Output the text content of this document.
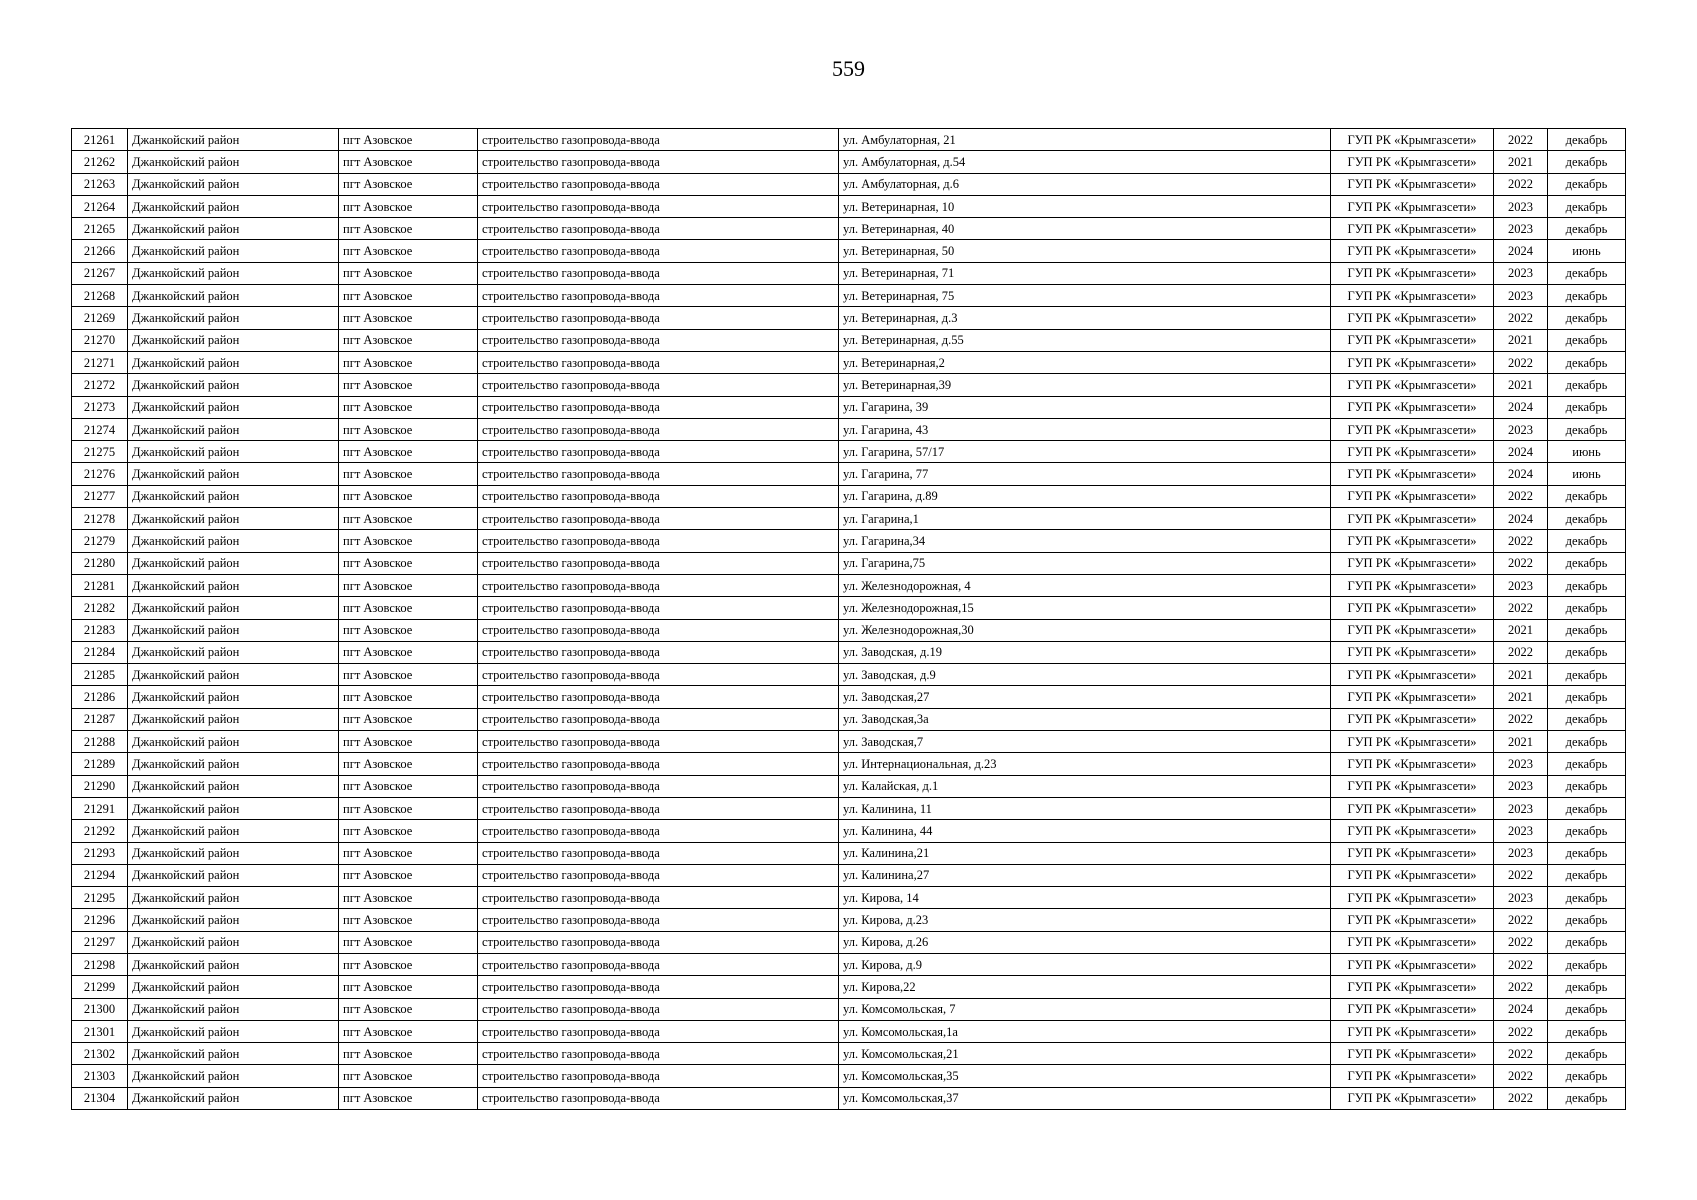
559
21261	Джанкойский район	пгт Азовское	строительство газопровода-ввода	ул. Амбулаторная, 21	ГУП РК «Крымгазсети»	2022	декабрь
21262	Джанкойский район	пгт Азовское	строительство газопровода-ввода	ул. Амбулаторная, д.54	ГУП РК «Крымгазсети»	2021	декабрь
21263	Джанкойский район	пгт Азовское	строительство газопровода-ввода	ул. Амбулаторная, д.6	ГУП РК «Крымгазсети»	2022	декабрь
21264	Джанкойский район	пгт Азовское	строительство газопровода-ввода	ул. Ветеринарная, 10	ГУП РК «Крымгазсети»	2023	декабрь
21265	Джанкойский район	пгт Азовское	строительство газопровода-ввода	ул. Ветеринарная, 40	ГУП РК «Крымгазсети»	2023	декабрь
21266	Джанкойский район	пгт Азовское	строительство газопровода-ввода	ул. Ветеринарная, 50	ГУП РК «Крымгазсети»	2024	июнь
21267	Джанкойский район	пгт Азовское	строительство газопровода-ввода	ул. Ветеринарная, 71	ГУП РК «Крымгазсети»	2023	декабрь
21268	Джанкойский район	пгт Азовское	строительство газопровода-ввода	ул. Ветеринарная, 75	ГУП РК «Крымгазсети»	2023	декабрь
21269	Джанкойский район	пгт Азовское	строительство газопровода-ввода	ул. Ветеринарная, д.3	ГУП РК «Крымгазсети»	2022	декабрь
21270	Джанкойский район	пгт Азовское	строительство газопровода-ввода	ул. Ветеринарная, д.55	ГУП РК «Крымгазсети»	2021	декабрь
21271	Джанкойский район	пгт Азовское	строительство газопровода-ввода	ул. Ветеринарная,2	ГУП РК «Крымгазсети»	2022	декабрь
21272	Джанкойский район	пгт Азовское	строительство газопровода-ввода	ул. Ветеринарная,39	ГУП РК «Крымгазсети»	2021	декабрь
21273	Джанкойский район	пгт Азовское	строительство газопровода-ввода	ул. Гагарина, 39	ГУП РК «Крымгазсети»	2024	декабрь
21274	Джанкойский район	пгт Азовское	строительство газопровода-ввода	ул. Гагарина, 43	ГУП РК «Крымгазсети»	2023	декабрь
21275	Джанкойский район	пгт Азовское	строительство газопровода-ввода	ул. Гагарина, 57/17	ГУП РК «Крымгазсети»	2024	июнь
21276	Джанкойский район	пгт Азовское	строительство газопровода-ввода	ул. Гагарина, 77	ГУП РК «Крымгазсети»	2024	июнь
21277	Джанкойский район	пгт Азовское	строительство газопровода-ввода	ул. Гагарина, д.89	ГУП РК «Крымгазсети»	2022	декабрь
21278	Джанкойский район	пгт Азовское	строительство газопровода-ввода	ул. Гагарина,1	ГУП РК «Крымгазсети»	2024	декабрь
21279	Джанкойский район	пгт Азовское	строительство газопровода-ввода	ул. Гагарина,34	ГУП РК «Крымгазсети»	2022	декабрь
21280	Джанкойский район	пгт Азовское	строительство газопровода-ввода	ул. Гагарина,75	ГУП РК «Крымгазсети»	2022	декабрь
21281	Джанкойский район	пгт Азовское	строительство газопровода-ввода	ул. Железнодорожная, 4	ГУП РК «Крымгазсети»	2023	декабрь
21282	Джанкойский район	пгт Азовское	строительство газопровода-ввода	ул. Железнодорожная,15	ГУП РК «Крымгазсети»	2022	декабрь
21283	Джанкойский район	пгт Азовское	строительство газопровода-ввода	ул. Железнодорожная,30	ГУП РК «Крымгазсети»	2021	декабрь
21284	Джанкойский район	пгт Азовское	строительство газопровода-ввода	ул. Заводская, д.19	ГУП РК «Крымгазсети»	2022	декабрь
21285	Джанкойский район	пгт Азовское	строительство газопровода-ввода	ул. Заводская, д.9	ГУП РК «Крымгазсети»	2021	декабрь
21286	Джанкойский район	пгт Азовское	строительство газопровода-ввода	ул. Заводская,27	ГУП РК «Крымгазсети»	2021	декабрь
21287	Джанкойский район	пгт Азовское	строительство газопровода-ввода	ул. Заводская,3а	ГУП РК «Крымгазсети»	2022	декабрь
21288	Джанкойский район	пгт Азовское	строительство газопровода-ввода	ул. Заводская,7	ГУП РК «Крымгазсети»	2021	декабрь
21289	Джанкойский район	пгт Азовское	строительство газопровода-ввода	ул. Интернациональная, д.23	ГУП РК «Крымгазсети»	2023	декабрь
21290	Джанкойский район	пгт Азовское	строительство газопровода-ввода	ул. Калайская, д.1	ГУП РК «Крымгазсети»	2023	декабрь
21291	Джанкойский район	пгт Азовское	строительство газопровода-ввода	ул. Калинина, 11	ГУП РК «Крымгазсети»	2023	декабрь
21292	Джанкойский район	пгт Азовское	строительство газопровода-ввода	ул. Калинина, 44	ГУП РК «Крымгазсети»	2023	декабрь
21293	Джанкойский район	пгт Азовское	строительство газопровода-ввода	ул. Калинина,21	ГУП РК «Крымгазсети»	2023	декабрь
21294	Джанкойский район	пгт Азовское	строительство газопровода-ввода	ул. Калинина,27	ГУП РК «Крымгазсети»	2022	декабрь
21295	Джанкойский район	пгт Азовское	строительство газопровода-ввода	ул. Кирова, 14	ГУП РК «Крымгазсети»	2023	декабрь
21296	Джанкойский район	пгт Азовское	строительство газопровода-ввода	ул. Кирова, д.23	ГУП РК «Крымгазсети»	2022	декабрь
21297	Джанкойский район	пгт Азовское	строительство газопровода-ввода	ул. Кирова, д.26	ГУП РК «Крымгазсети»	2022	декабрь
21298	Джанкойский район	пгт Азовское	строительство газопровода-ввода	ул. Кирова, д.9	ГУП РК «Крымгазсети»	2022	декабрь
21299	Джанкойский район	пгт Азовское	строительство газопровода-ввода	ул. Кирова,22	ГУП РК «Крымгазсети»	2022	декабрь
21300	Джанкойский район	пгт Азовское	строительство газопровода-ввода	ул. Комсомольская, 7	ГУП РК «Крымгазсети»	2024	декабрь
21301	Джанкойский район	пгт Азовское	строительство газопровода-ввода	ул. Комсомольская,1а	ГУП РК «Крымгазсети»	2022	декабрь
21302	Джанкойский район	пгт Азовское	строительство газопровода-ввода	ул. Комсомольская,21	ГУП РК «Крымгазсети»	2022	декабрь
21303	Джанкойский район	пгт Азовское	строительство газопровода-ввода	ул. Комсомольская,35	ГУП РК «Крымгазсети»	2022	декабрь
21304	Джанкойский район	пгт Азовское	строительство газопровода-ввода	ул. Комсомольская,37	ГУП РК «Крымгазсети»	2022	декабрь
